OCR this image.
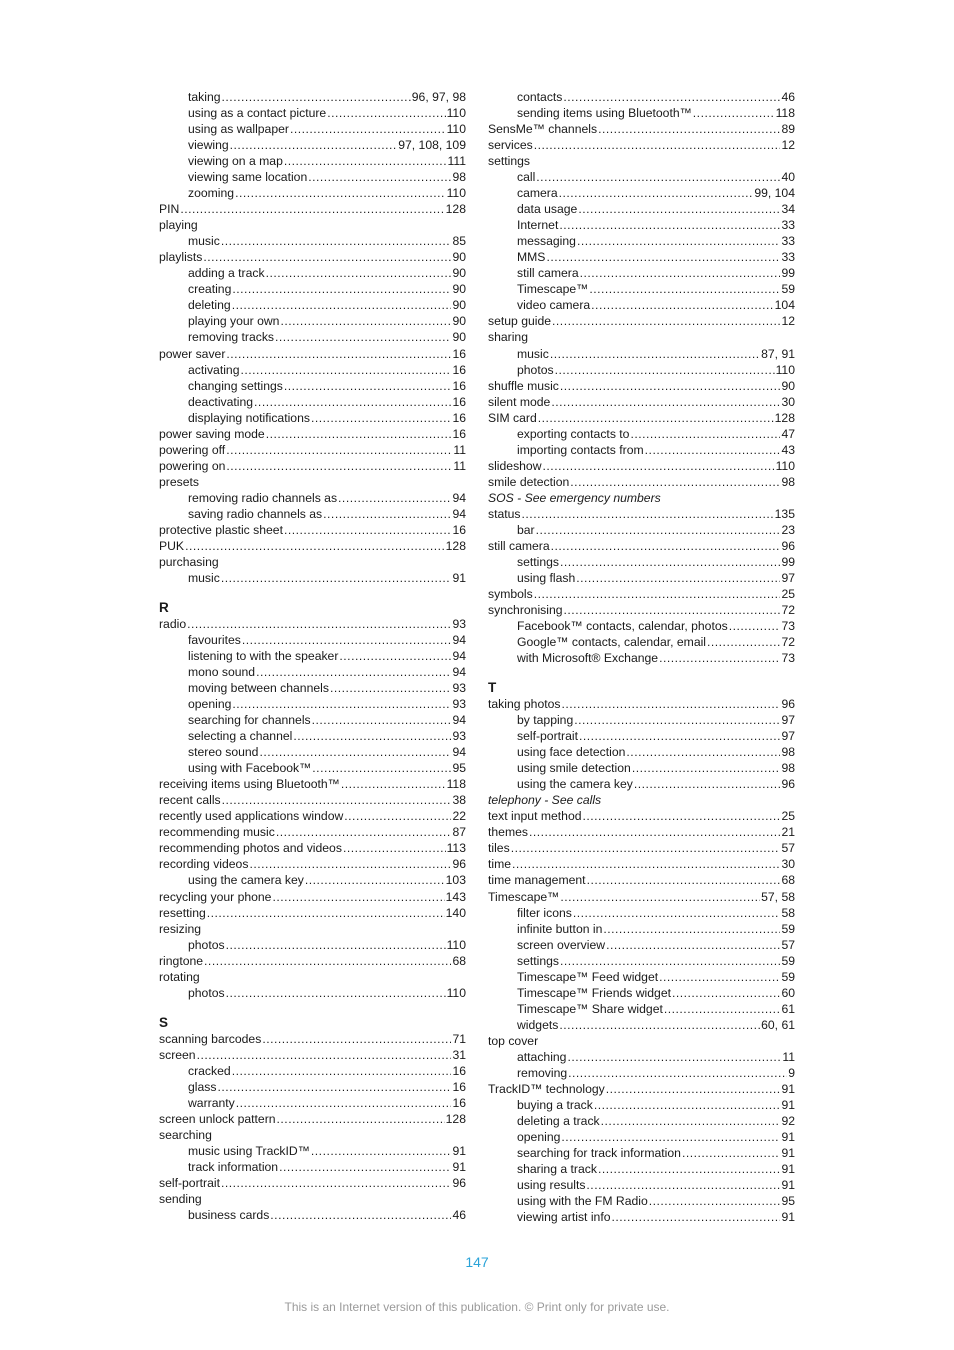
taking .....	96, 97, 98
using as a contact picture .....	110
using as wallpaper .....	110
viewing .....	97, 108, 109
viewing on a map .....	111
viewing same location .....	98
zooming .....	110
PIN .....	128
playing
music .....	85
playlists .....	90
adding a track .....	90
creating .....	90
deleting .....	90
playing your own .....	90
removing tracks .....	90
power saver .....	16
activating .....	16
changing settings .....	16
deactivating .....	16
displaying notifications .....	16
power saving mode .....	16
powering off .....	11
powering on .....	11
presets
removing radio channels as .....	94
saving radio channels as .....	94
protective plastic sheet .....	16
PUK .....	128
purchasing
music .....	91
R
radio .....	93
favourites .....	94
listening to with the speaker .....	94
mono sound .....	94
moving between channels .....	93
opening .....	93
searching for channels .....	94
selecting a channel .....	93
stereo sound .....	94
using with Facebook™ .....	95
receiving items using Bluetooth™ .....	118
recent calls .....	38
recently used applications window .....	22
recommending music .....	87
recommending photos and videos .....	113
recording videos .....	96
using the camera key .....	103
recycling your phone .....	143
resetting .....	140
resizing
photos .....	110
ringtone .....	68
rotating
photos .....	110
S
scanning barcodes .....	71
screen .....	31
cracked .....	16
glass .....	16
warranty .....	16
screen unlock pattern .....	128
searching
music using TrackID™ .....	91
track information .....	91
self-portrait .....	96
sending
business cards .....	46
contacts .....	46
sending items using Bluetooth™ .....	118
SensMe™ channels .....	89
services .....	12
settings
call .....	40
camera .....	99, 104
data usage .....	34
Internet .....	33
messaging .....	33
MMS .....	33
still camera .....	99
Timescape™ .....	59
video camera .....	104
setup guide .....	12
sharing
music .....	87, 91
photos .....	110
shuffle music .....	90
silent mode .....	30
SIM card .....	128
exporting contacts to .....	47
importing contacts from .....	43
slideshow .....	110
smile detection .....	98
SOS - See emergency numbers
status .....	135
bar .....	23
still camera .....	96
settings .....	99
using flash .....	97
symbols .....	25
synchronising .....	72
Facebook™ contacts, calendar, photos .....	73
Google™ contacts, calendar, email .....	72
with Microsoft® Exchange .....	73
T
taking photos .....	96
by tapping .....	97
self-portrait .....	97
using face detection .....	98
using smile detection .....	98
using the camera key .....	96
telephony - See calls
text input method .....	25
themes .....	21
tiles .....	57
time .....	30
time management .....	68
Timescape™ .....	57, 58
filter icons .....	58
infinite button in .....	59
screen overview .....	57
settings .....	59
Timescape™ Feed widget .....	59
Timescape™ Friends widget .....	60
Timescape™ Share widget .....	61
widgets .....	60, 61
top cover
attaching .....	11
removing .....	9
TrackID™ technology .....	91
buying a track .....	91
deleting a track .....	92
opening .....	91
searching for track information .....	91
sharing a track .....	91
using results .....	91
using with the FM Radio .....	95
viewing artist info .....	91
147
This is an Internet version of this publication. © Print only for private use.
